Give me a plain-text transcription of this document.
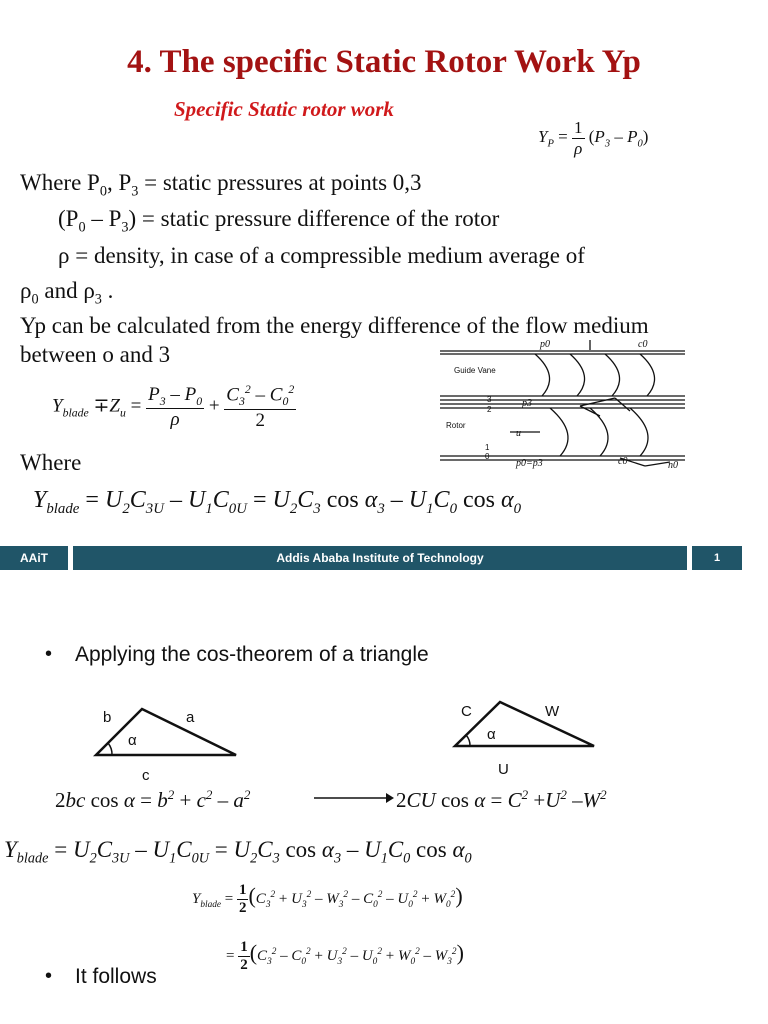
4. The specific Static Rotor Work Yp
Specific Static rotor work
$Y_P = \frac{1}{\rho} (P_3 - P_0)$
Where $P_0$, $P_3$ = static pressures at points 0,3
$(P_0 - P_3)$ = static pressure difference of the rotor
ρ = density, in case of a compressible medium average of
$\rho_0$ and $\rho_3$ .
Yp can be calculated from the energy difference of the flow medium
between o and 3
$Y_{blade} \mp Z_u = \frac{P_3 - P_0}{\rho} + \frac{C_3^2 - C_0^2}{2}$
Where
$Y_{blade} = U_2C_{3U} - U_1C_{0U} = U_2C_3$ $\cos \alpha_3 - U_1C_0$ $\cos \alpha_0$
p0	c0
p3
u
p0=p3	c0	n0
Guide Vane
Rotor
3
2
1
0
AAiT	Addis Ababa Institute of Technology	1
• Applying the cos-theorem of a triangle
b	a
α
c
C	W
α
U
2bc $\cos \alpha = b^2 + c^2 - a^2$	2CU $\cos \alpha = C^2 +U^2$ $-W^2$
$Y_{blade} = U_2C_{3U} - U_1C_{0U} = U_2C_3$ $\cos \alpha_3 - U_1C_0$ $\cos \alpha_0$
$Y_{blade} = \frac{1}{2} (C_3^2 + U_3^2 - W_3^2 - C_0^2 - U_0^2 + W_0^2)$
= $\frac{1}{2} (C_3^2 - C_0^2 + U_3^2 - U_0^2 + W_0^2 - W_3^2)$
• It follows
